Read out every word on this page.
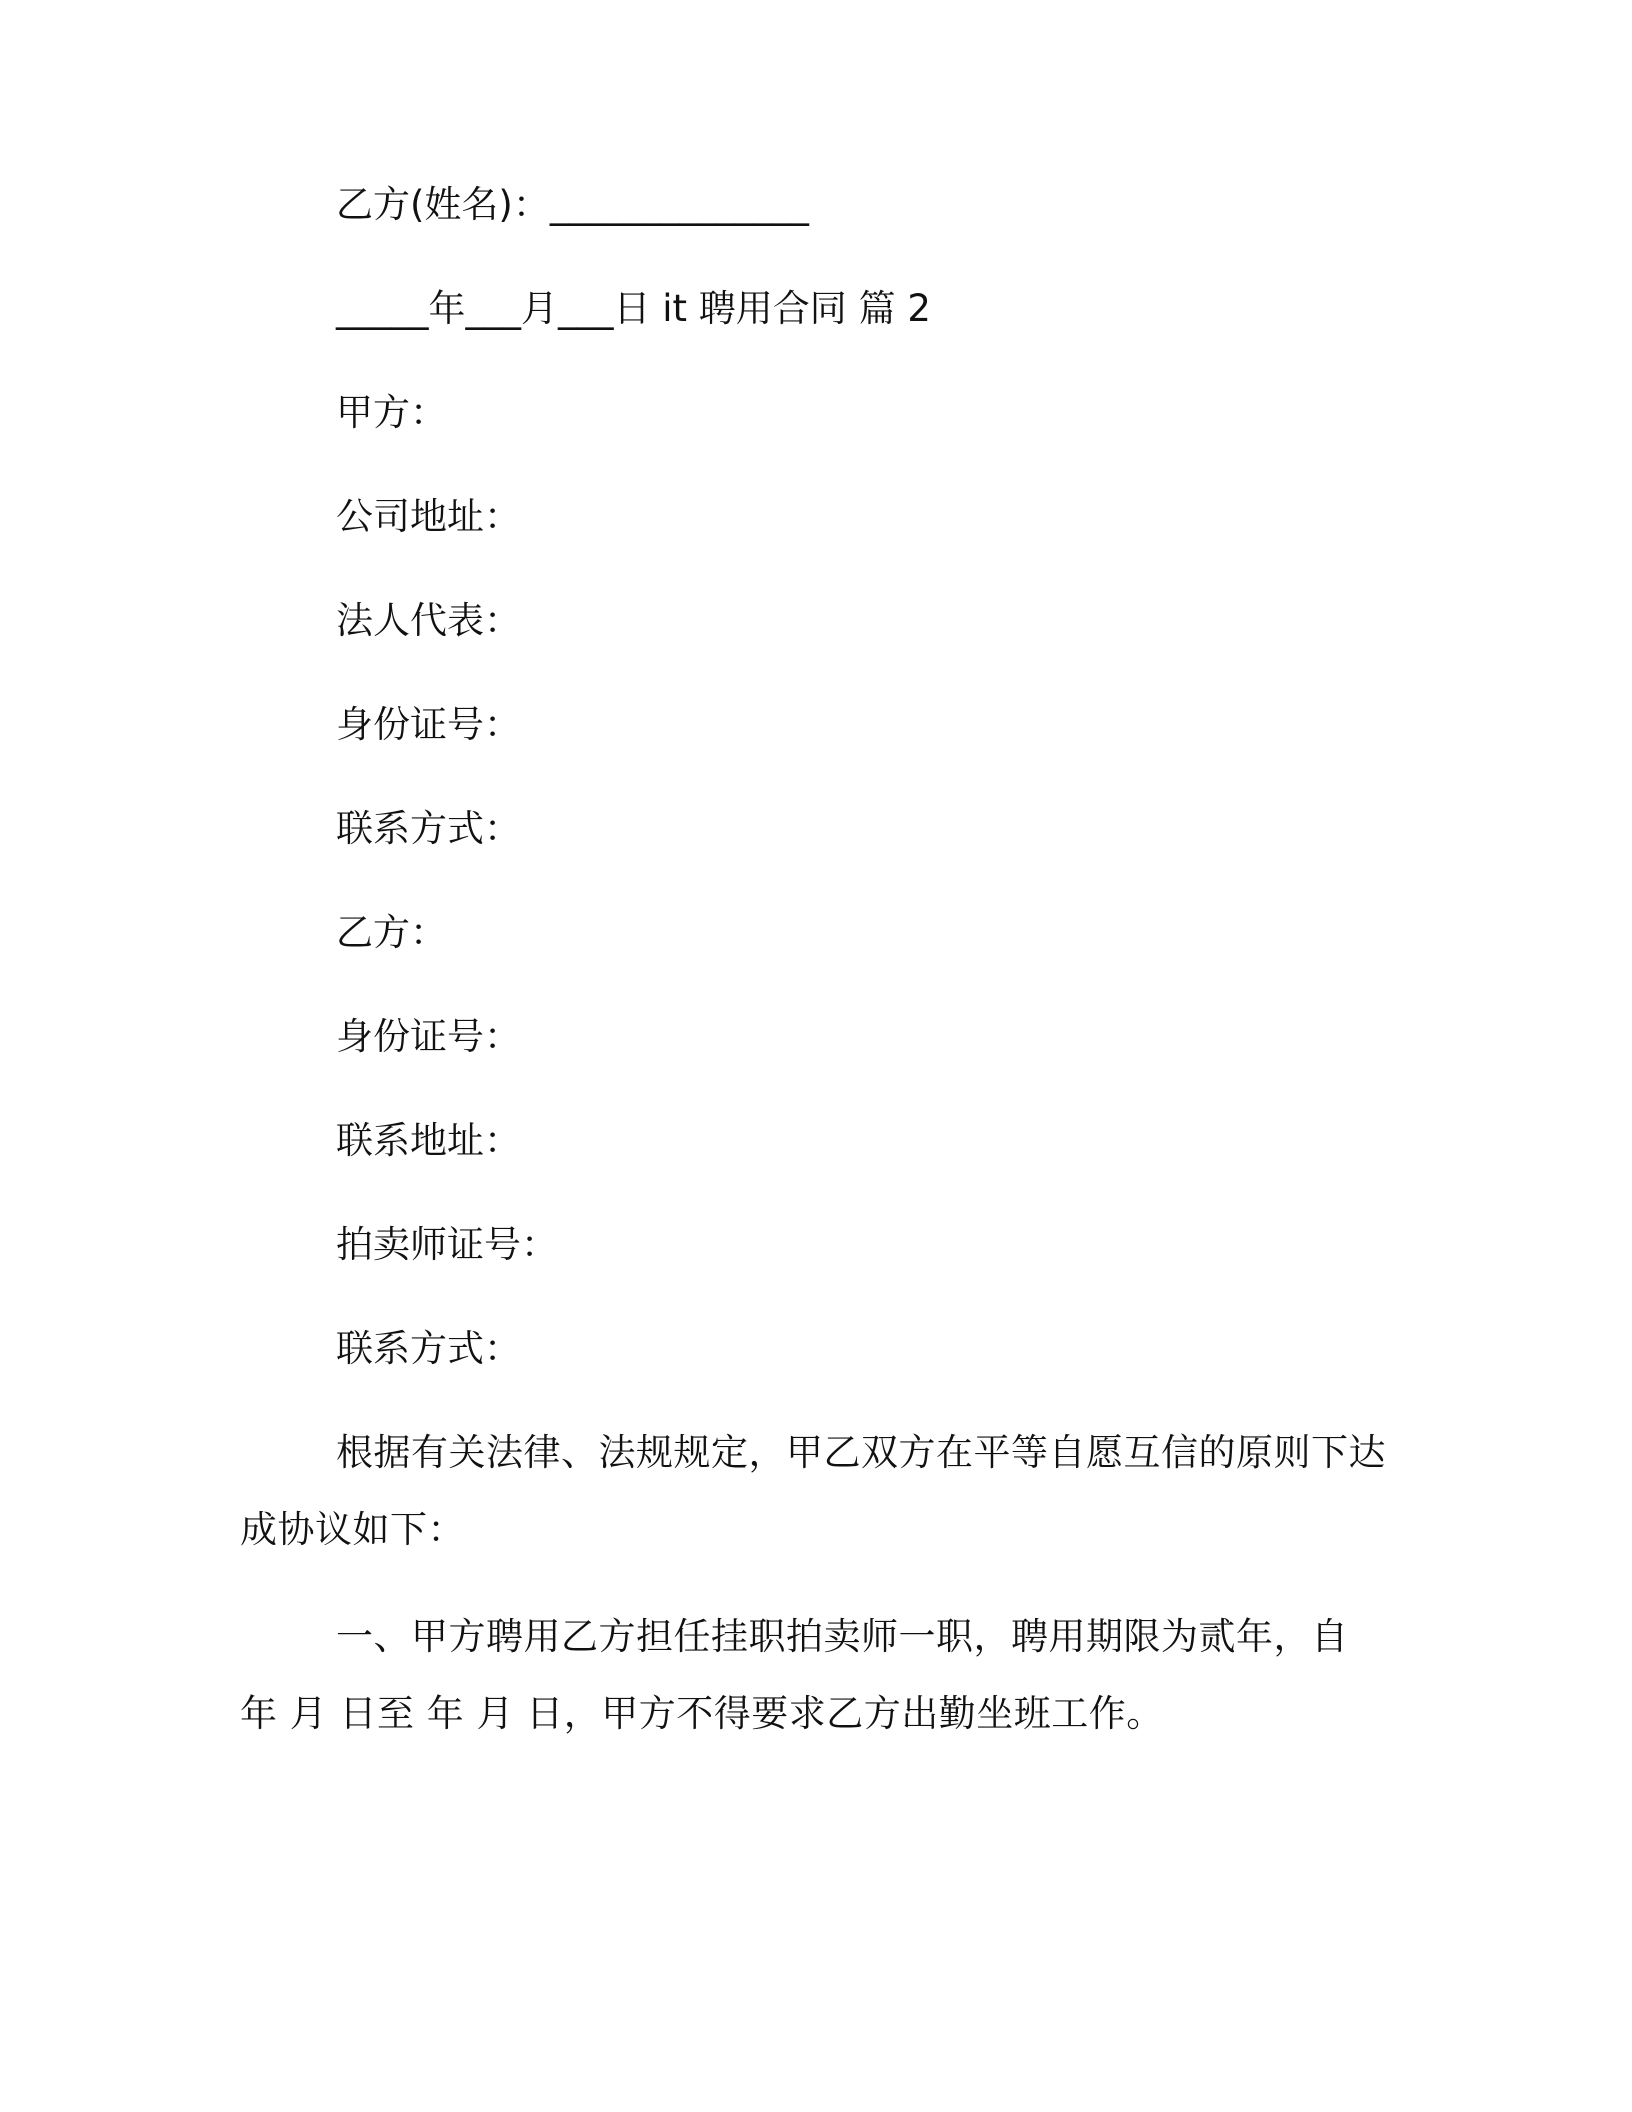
乙方(姓名)：______________

_____年___月___日 it 聘用合同 篇 2

甲方：

公司地址：

法人代表：

身份证号：

联系方式：

乙方：

身份证号：

联系地址：

拍卖师证号：

联系方式：

根据有关法律、法规规定，甲乙双方在平等自愿互信的原则下达成协议如下：

一、甲方聘用乙方担任挂职拍卖师一职，聘用期限为贰年，自 年 月 日至 年 月 日，甲方不得要求乙方出勤坐班工作。
